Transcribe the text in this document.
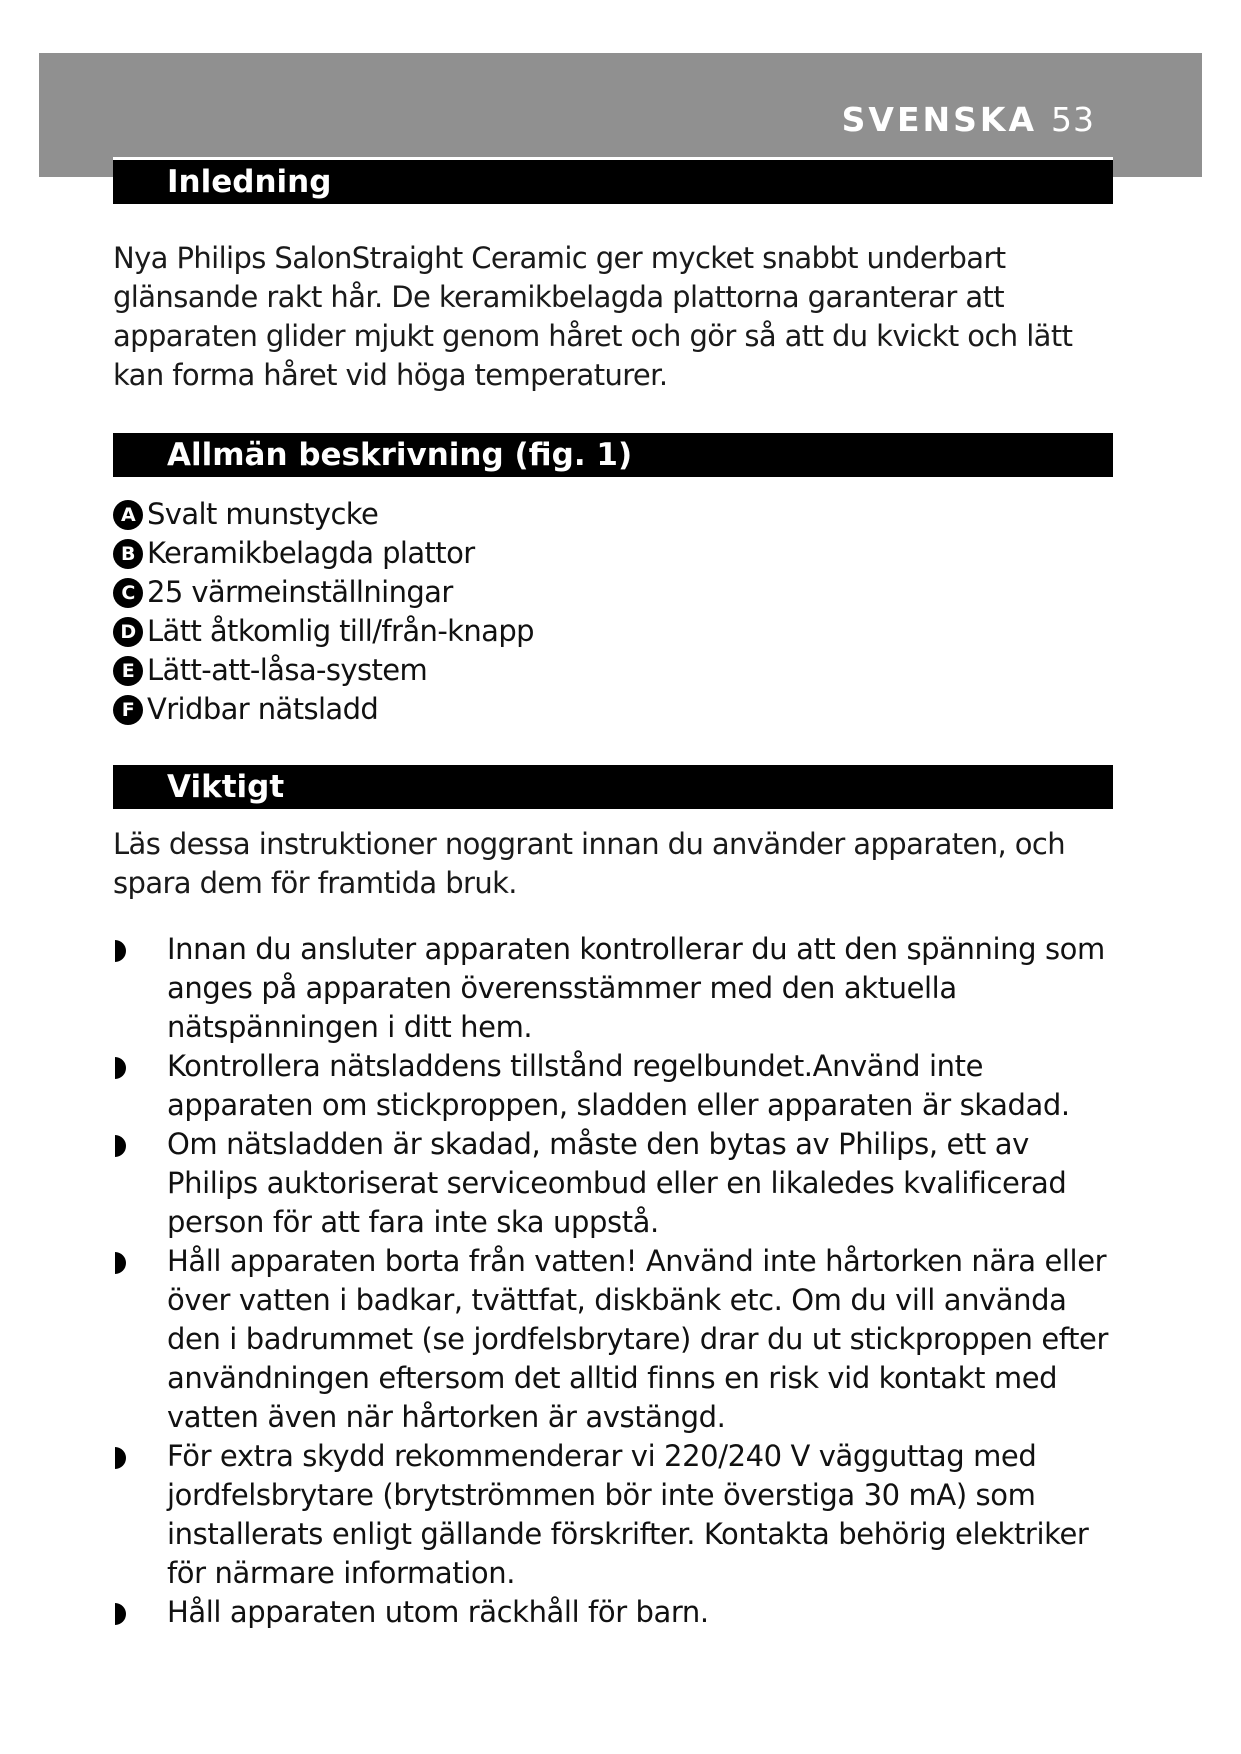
SVENSKA 53
Inledning
Nya Philips SalonStraight Ceramic ger mycket snabbt underbart glänsande rakt hår. De keramikbelagda plattorna garanterar att apparaten glider mjukt genom håret och gör så att du kvickt och lätt kan forma håret vid höga temperaturer.
Allmän beskrivning (fig. 1)
A Svalt munstycke
B Keramikbelagda plattor
C 25 värmeinställningar
D Lätt åtkomlig till/från-knapp
E Lätt-att-låsa-system
F Vridbar nätsladd
Viktigt
Läs dessa instruktioner noggrant innan du använder apparaten, och spara dem för framtida bruk.
Innan du ansluter apparaten kontrollerar du att den spänning som anges på apparaten överensstämmer med den aktuella nätspänningen i ditt hem.
Kontrollera nätsladdens tillstånd regelbundet.Använd inte apparaten om stickproppen, sladden eller apparaten är skadad.
Om nätsladden är skadad, måste den bytas av Philips, ett av Philips auktoriserat serviceombud eller en likaledes kvalificerad person för att fara inte ska uppstå.
Håll apparaten borta från vatten! Använd inte hårtorken nära eller över vatten i badkar, tvättfat, diskbänk etc. Om du vill använda den i badrummet (se jordfelsbrytare) drar du ut stickproppen efter användningen eftersom det alltid finns en risk vid kontakt med vatten även när hårtorken är avstängd.
För extra skydd rekommenderar vi 220/240 V vägguttag med jordfelsbrytare (brytströmmen bör inte överstiga 30 mA) som installerats enligt gällande förskrifter. Kontakta behörig elektriker för närmare information.
Håll apparaten utom räckhåll för barn.
